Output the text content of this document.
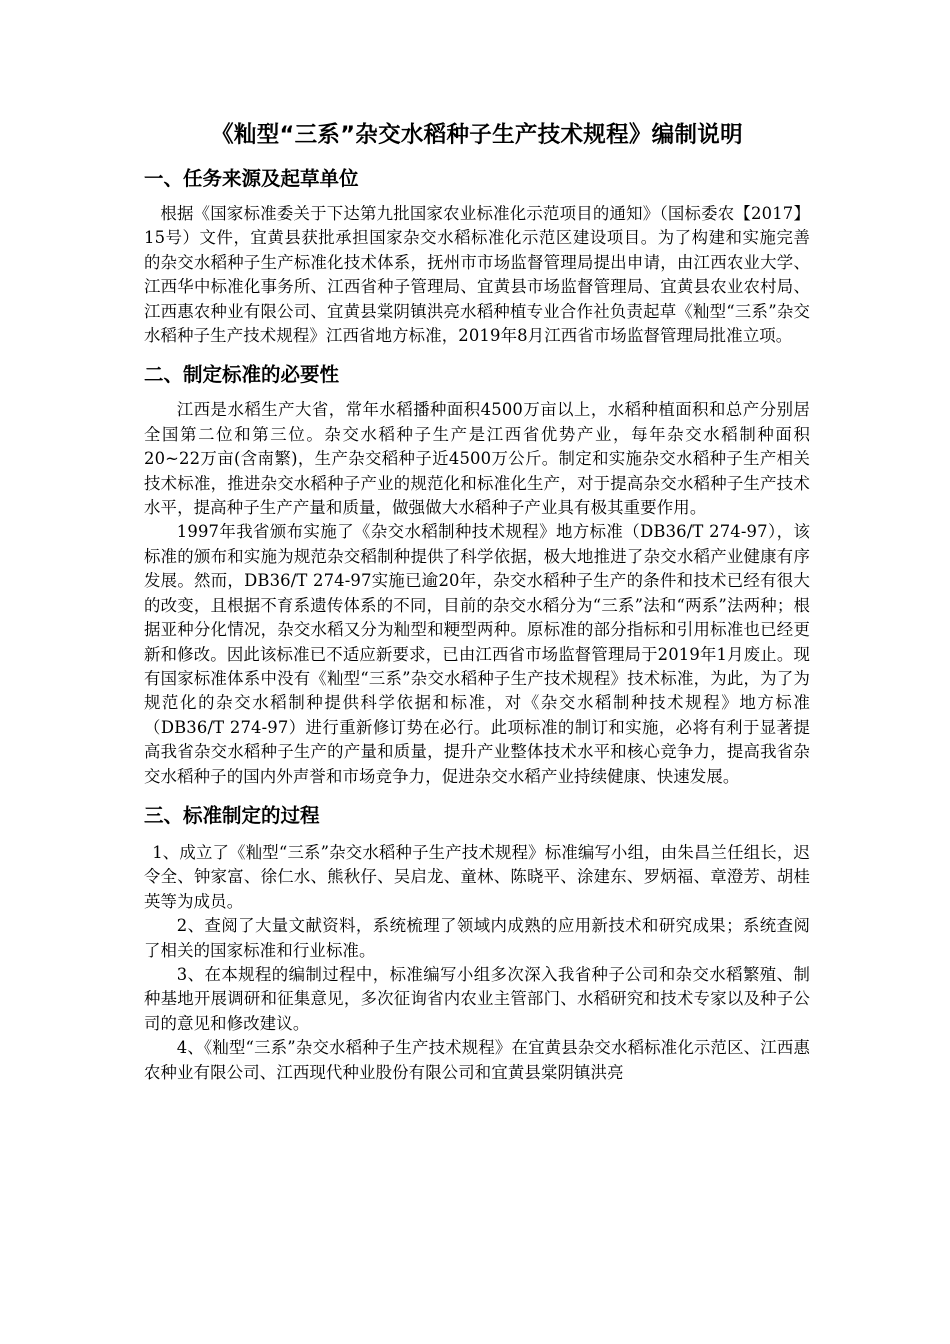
《籼型“三系”杂交水稻种子生产技术规程》编制说明
一、任务来源及起草单位

根据《国家标准委关于下达第九批国家农业标准化示范项目的通知》（国标委农【2017】15号）文件，宜黄县获批承担国家杂交水稻标准化示范区建设项目。为了构建和实施完善的杂交水稻种子生产标准化技术体系，抚州市市场监督管理局提出申请，由江西农业大学、江西华中标准化事务所、江西省种子管理局、宜黄县市场监督管理局、宜黄县农业农村局、江西惠农种业有限公司、宜黄县棠阴镇洪亮水稻种植专业合作社负责起草《籼型“三系”杂交水稻种子生产技术规程》江西省地方标准，2019年8月江西省市场监督管理局批准立项。

二、制定标准的必要性

江西是水稻生产大省，常年水稻播种面积4500万亩以上，水稻种植面积和总产分别居全国第二位和第三位。杂交水稻种子生产是江西省优势产业，每年杂交水稻制种面积20~22万亩(含南繁)，生产杂交稻种子近4500万公斤。制定和实施杂交水稻种子生产相关技术标准，推进杂交水稻种子产业的规范化和标准化生产，对于提高杂交水稻种子生产技术水平，提高种子生产产量和质量，做强做大水稻种子产业具有极其重要作用。

1997年我省颁布实施了《杂交水稻制种技术规程》地方标准（DB36/T 274-97），该标准的颁布和实施为规范杂交稻制种提供了科学依据，极大地推进了杂交水稻产业健康有序发展。然而，DB36/T 274-97实施已逾20年，杂交水稻种子生产的条件和技术已经有很大的改变，且根据不育系遗传体系的不同，目前的杂交水稻分为“三系”法和“两系”法两种；根据亚种分化情况，杂交水稻又分为籼型和粳型两种。原标准的部分指标和引用标准也已经更新和修改。因此该标准已不适应新要求，已由江西省市场监督管理局于2019年1月废止。现有国家标准体系中没有《籼型“三系”杂交水稻种子生产技术规程》技术标准，为此，为了为规范化的杂交水稻制种提供科学依据和标准，对《杂交水稻制种技术规程》地方标准（DB36/T 274-97）进行重新修订势在必行。此项标准的制订和实施，必将有利于显著提高我省杂交水稻种子生产的产量和质量，提升产业整体技术水平和核心竞争力，提高我省杂交水稻种子的国内外声誉和市场竞争力，促进杂交水稻产业持续健康、快速发展。

三、标准制定的过程

1、成立了《籼型“三系”杂交水稻种子生产技术规程》标准编写小组，由朱昌兰任组长，迟令全、钟家富、徐仁水、熊秋仔、吴启龙、童林、陈晓平、涂建东、罗炳福、章澄芳、胡桂英等为成员。

2、查阅了大量文献资料，系统梳理了领域内成熟的应用新技术和研究成果；系统查阅了相关的国家标准和行业标准。

3、在本规程的编制过程中，标准编写小组多次深入我省种子公司和杂交水稻繁殖、制种基地开展调研和征集意见，多次征询省内农业主管部门、水稻研究和技术专家以及种子公司的意见和修改建议。

4、《籼型“三系”杂交水稻种子生产技术规程》在宜黄县杂交水稻标准化示范区、江西惠农种业有限公司、江西现代种业股份有限公司和宜黄县棠阴镇洪亮
